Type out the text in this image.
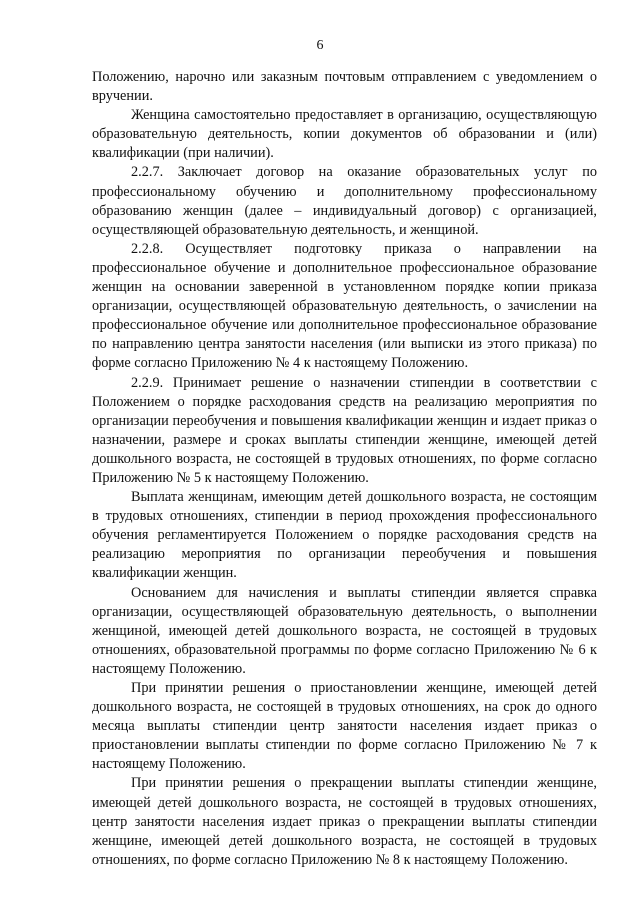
6

Положению, нарочно или заказным почтовым отправлением с уведомлением о вручении.

Женщина самостоятельно предоставляет в организацию, осуществляющую образовательную деятельность, копии документов об образовании и (или) квалификации (при наличии).

2.2.7. Заключает договор на оказание образовательных услуг по профессиональному обучению и дополнительному профессиональному образованию женщин (далее – индивидуальный договор) с организацией, осуществляющей образовательную деятельность, и женщиной.

2.2.8. Осуществляет подготовку приказа о направлении на профессиональное обучение и дополнительное профессиональное образование женщин на основании заверенной в установленном порядке копии приказа организации, осуществляющей образовательную деятельность, о зачислении на профессиональное обучение или дополнительное профессиональное образование по направлению центра занятости населения (или выписки из этого приказа) по форме согласно Приложению № 4 к настоящему Положению.

2.2.9. Принимает решение о назначении стипендии в соответствии с Положением о порядке расходования средств на реализацию мероприятия по организации переобучения и повышения квалификации женщин и издает приказ о назначении, размере и сроках выплаты стипендии женщине, имеющей детей дошкольного возраста, не состоящей в трудовых отношениях, по форме согласно Приложению № 5 к настоящему Положению.

Выплата женщинам, имеющим детей дошкольного возраста, не состоящим в трудовых отношениях, стипендии в период прохождения профессионального обучения регламентируется Положением о порядке расходования средств на реализацию мероприятия по организации переобучения и повышения квалификации женщин.

Основанием для начисления и выплаты стипендии является справка организации, осуществляющей образовательную деятельность, о выполнении женщиной, имеющей детей дошкольного возраста, не состоящей в трудовых отношениях, образовательной программы по форме согласно Приложению № 6 к настоящему Положению.

При принятии решения о приостановлении женщине, имеющей детей дошкольного возраста, не состоящей в трудовых отношениях, на срок до одного месяца выплаты стипендии центр занятости населения издает приказ о приостановлении выплаты стипендии по форме согласно Приложению № 7 к настоящему Положению.

При принятии решения о прекращении выплаты стипендии женщине, имеющей детей дошкольного возраста, не состоящей в трудовых отношениях, центр занятости населения издает приказ о прекращении выплаты стипендии женщине, имеющей детей дошкольного возраста, не состоящей в трудовых отношениях, по форме согласно Приложению № 8 к настоящему Положению.
